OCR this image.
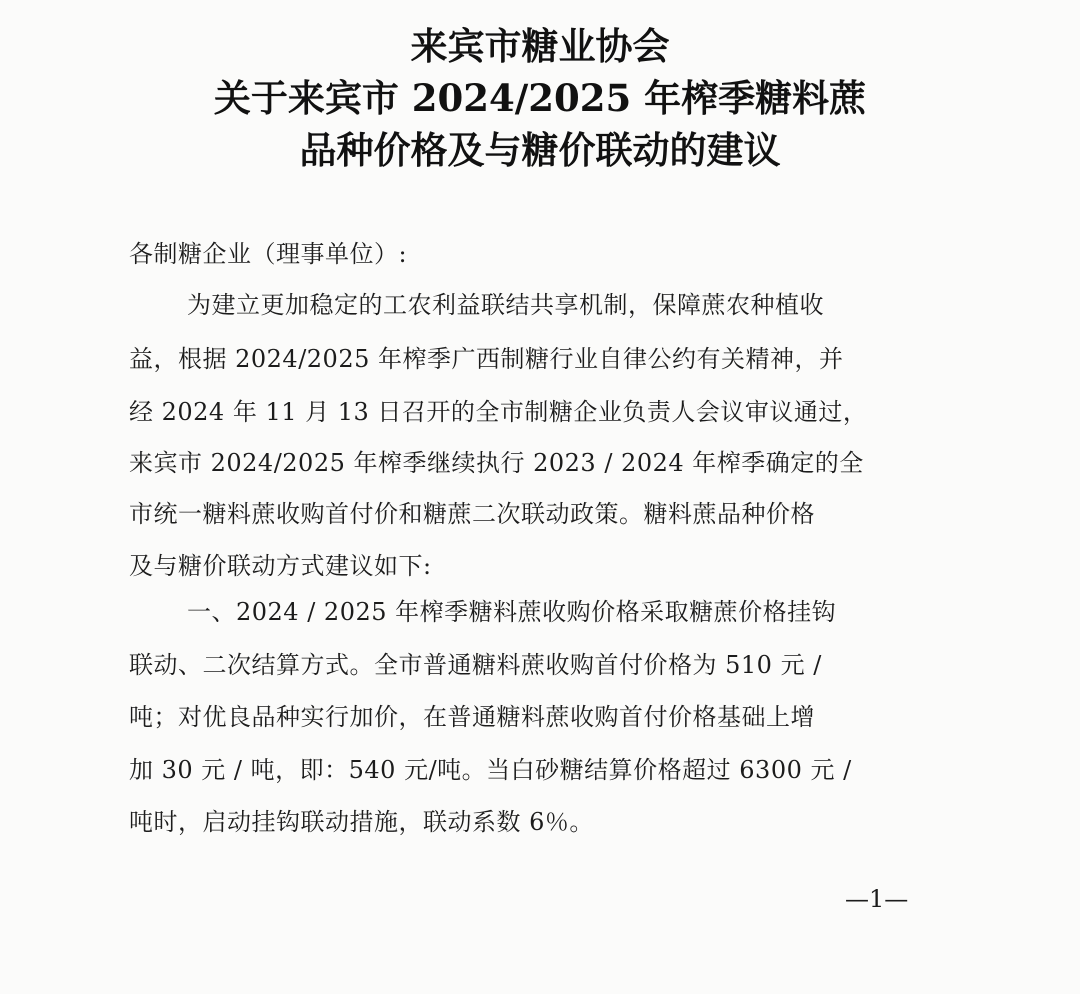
来宾市糖业协会
关于来宾市 2024/2025 年榨季糖料蔗
品种价格及与糖价联动的建议
各制糖企业（理事单位）:
为建立更加稳定的工农利益联结共享机制，保障蔗农种植收
益，根据 2024/2025 年榨季广西制糖行业自律公约有关精神，并
经 2024 年 11 月 13 日召开的全市制糖企业负责人会议审议通过，
来宾市 2024/2025 年榨季继续执行 2023 / 2024 年榨季确定的全
市统一糖料蔗收购首付价和糖蔗二次联动政策。糖料蔗品种价格
及与糖价联动方式建议如下:
一、2024 / 2025 年榨季糖料蔗收购价格采取糖蔗价格挂钩
联动、二次结算方式。全市普通糖料蔗收购首付价格为 510 元 /
吨；对优良品种实行加价，在普通糖料蔗收购首付价格基础上增
加 30 元 / 吨，即：540 元/吨。当白砂糖结算价格超过 6300 元 /
吨时，启动挂钩联动措施，联动系数 6％。
—1—
